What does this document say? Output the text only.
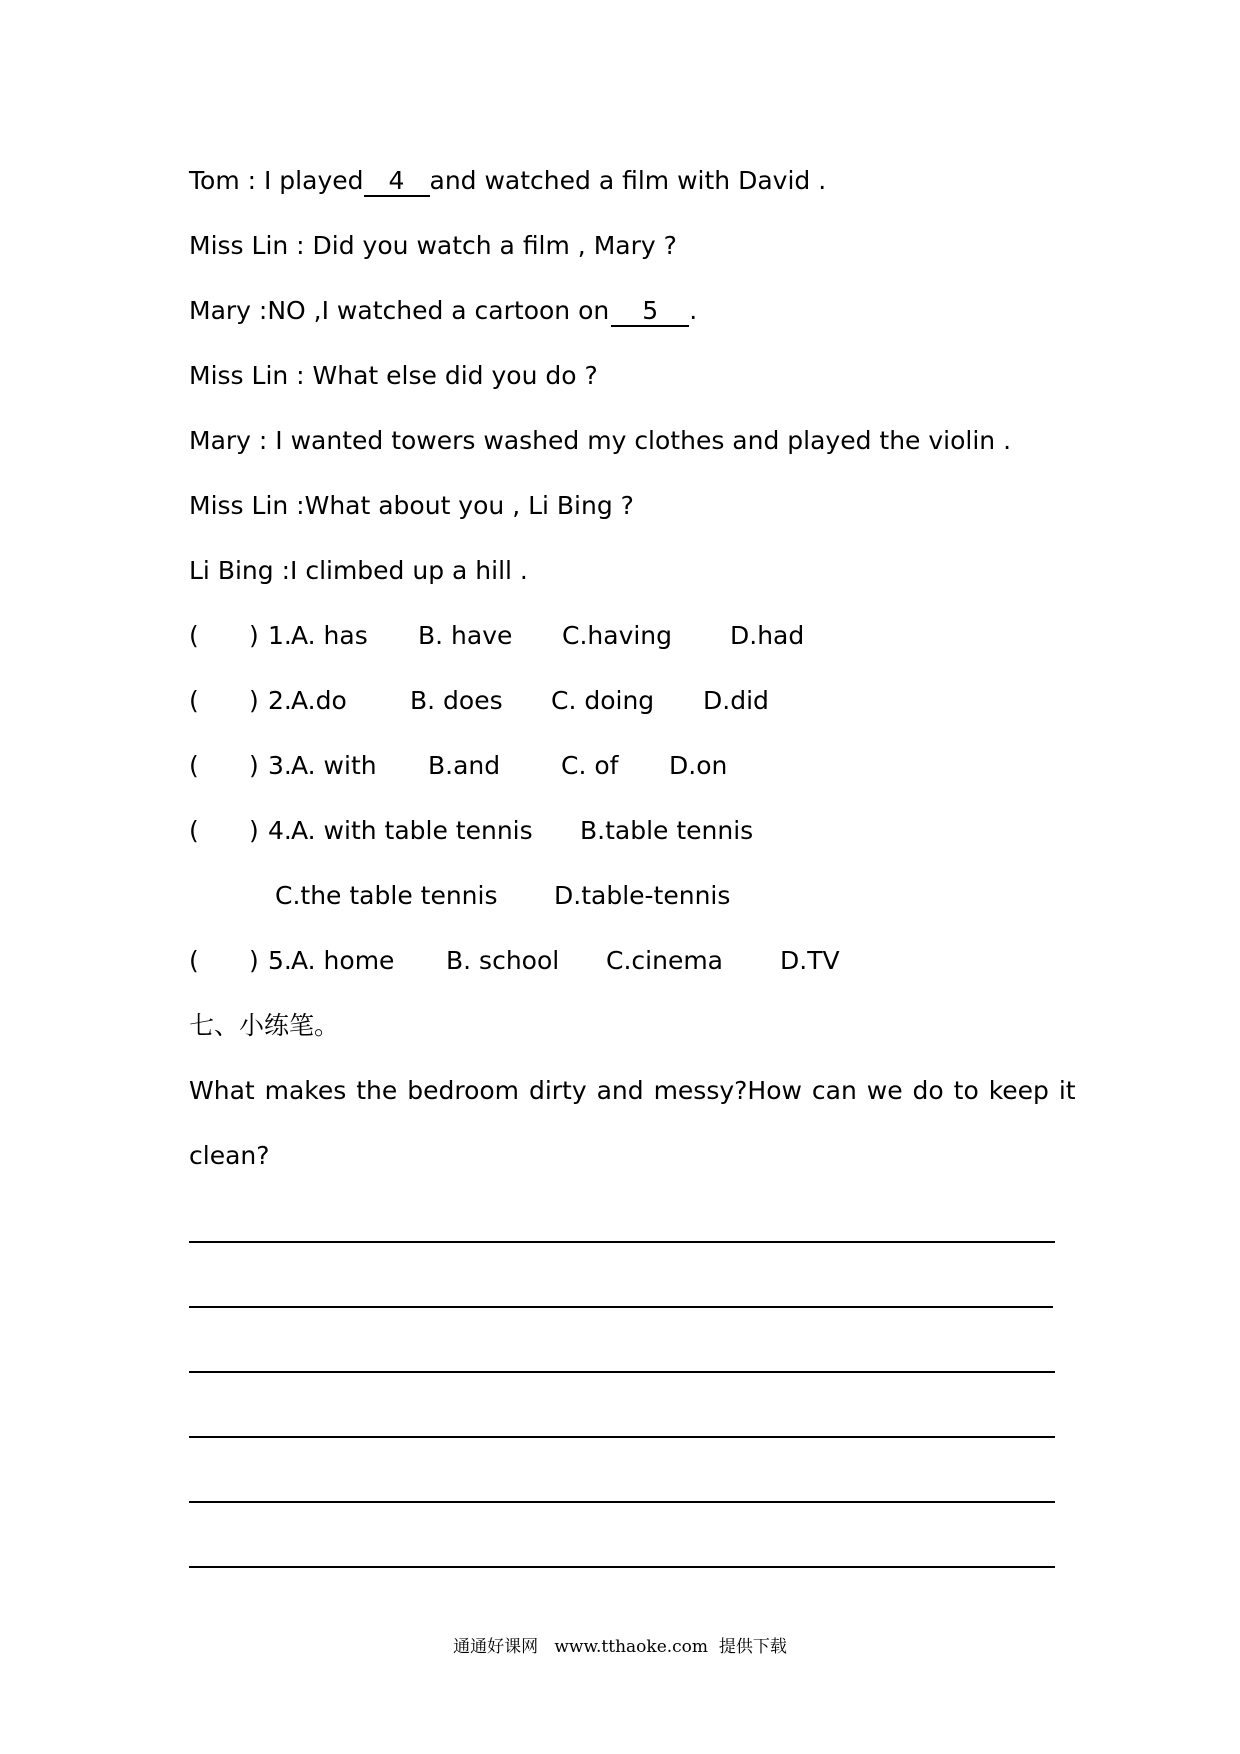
Tom : I played 4 and watched a film with David .
Miss Lin : Did you watch a film , Mary ?
Mary :NO ,I watched a cartoon on 5 .
Miss Lin : What else did you do ?
Mary : I wanted towers washed my clothes and played the violin .
Miss Lin :What about you , Li Bing ?
Li Bing :I climbed up a hill .
( ) 1. A. has B. have C.having D.had
( ) 2. A.do	B. does C. doing D.did
( ) 3. A. with B.and C. of D.on
( ) 4. A. with table tennis B.table tennis
C.the table tennis D.table-tennis
( ) 5. A. home B. school C.cinema D.TV
七、小练笔。
What makes the bedroom dirty and messy?How can we do to keep it
clean?
通通好课网   www.tthaoke.com  提供下载
